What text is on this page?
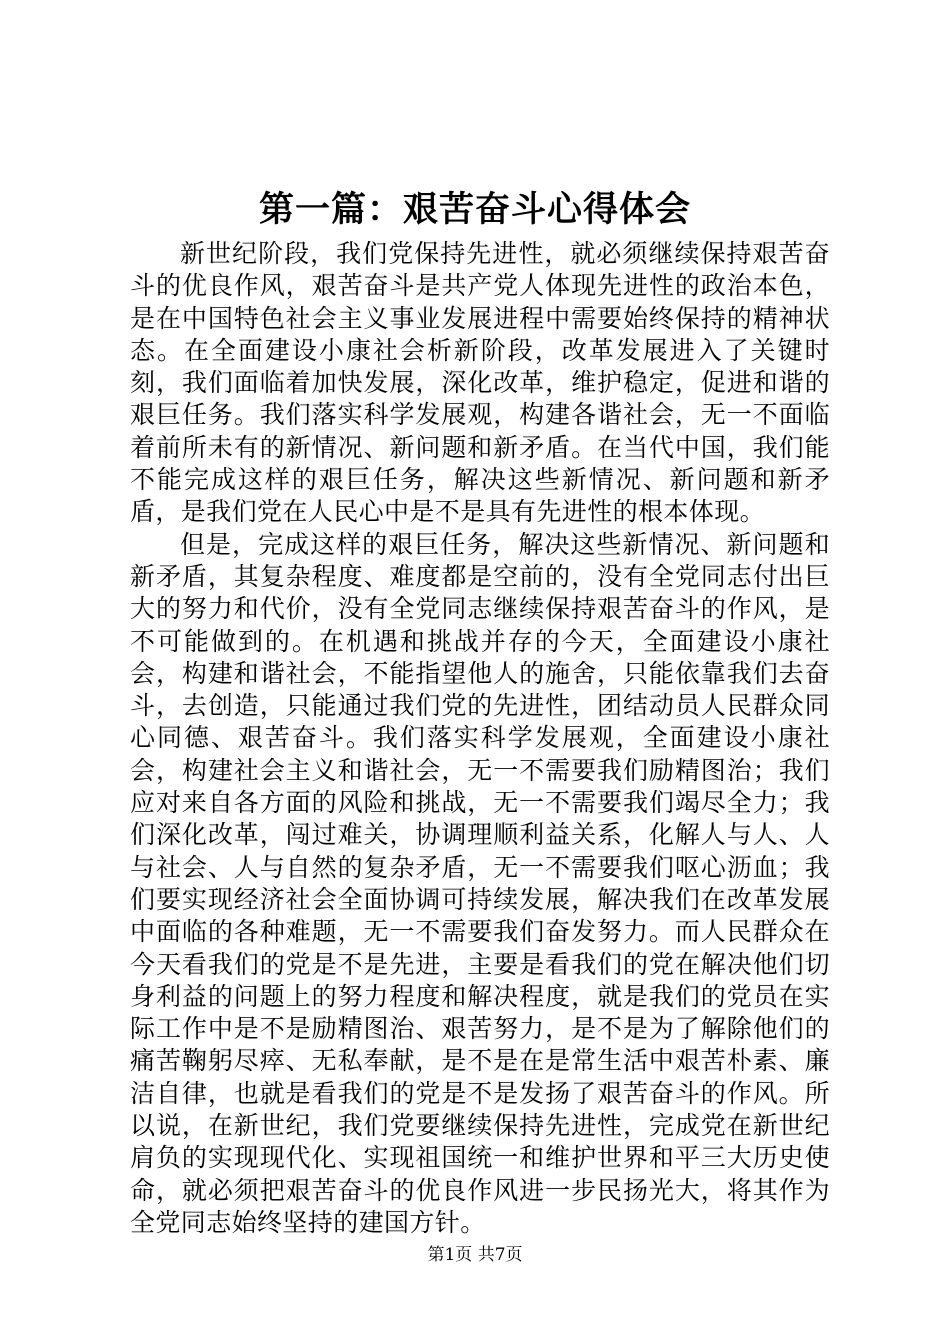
第一篇：艰苦奋斗心得体会

新世纪阶段，我们党保持先进性，就必须继续保持艰苦奋斗的优良作风，艰苦奋斗是共产党人体现先进性的政治本色，是在中国特色社会主义事业发展进程中需要始终保持的精神状态。在全面建设小康社会析新阶段，改革发展进入了关键时刻，我们面临着加快发展，深化改革，维护稳定，促进和谐的艰巨任务。我们落实科学发展观，构建各谐社会，无一不面临着前所未有的新情况、新问题和新矛盾。在当代中国，我们能不能完成这样的艰巨任务，解决这些新情况、新问题和新矛盾，是我们党在人民心中是不是具有先进性的根本体现。

但是，完成这样的艰巨任务，解决这些新情况、新问题和新矛盾，其复杂程度、难度都是空前的，没有全党同志付出巨大的努力和代价，没有全党同志继续保持艰苦奋斗的作风，是不可能做到的。在机遇和挑战并存的今天，全面建设小康社会，构建和谐社会，不能指望他人的施舍，只能依靠我们去奋斗，去创造，只能通过我们党的先进性，团结动员人民群众同心同德、艰苦奋斗。我们落实科学发展观，全面建设小康社会，构建社会主义和谐社会，无一不需要我们励精图治；我们应对来自各方面的风险和挑战，无一不需要我们竭尽全力；我们深化改革，闯过难关，协调理顺利益关系，化解人与人、人与社会、人与自然的复杂矛盾，无一不需要我们呕心沥血；我们要实现经济社会全面协调可持续发展，解决我们在改革发展中面临的各种难题，无一不需要我们奋发努力。而人民群众在今天看我们的党是不是先进，主要是看我们的党在解决他们切身利益的问题上的努力程度和解决程度，就是我们的党员在实际工作中是不是励精图治、艰苦努力，是不是为了解除他们的痛苦鞠躬尽瘁、无私奉献，是不是在是常生活中艰苦朴素、廉洁自律，也就是看我们的党是不是发扬了艰苦奋斗的作风。所以说，在新世纪，我们党要继续保持先进性，完成党在新世纪肩负的实现现代化、实现祖国统一和维护世界和平三大历史使命，就必须把艰苦奋斗的优良作风进一步民扬光大，将其作为全党同志始终坚持的建国方针。

第1页 共7页
